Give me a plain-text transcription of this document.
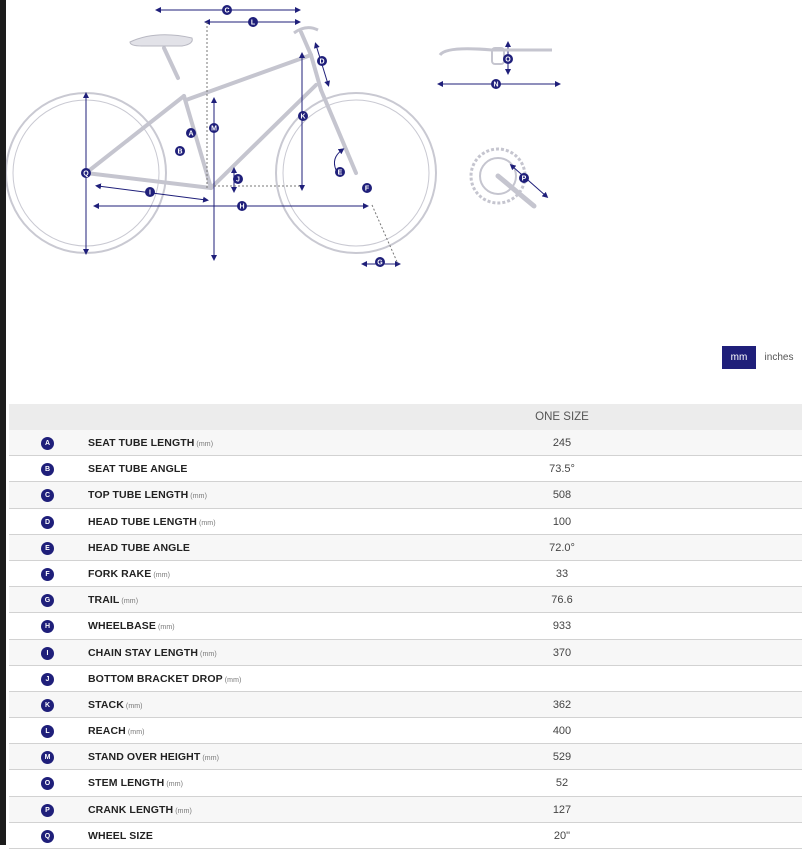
A
B
C
D
E
F
G
H
I
J
K
L
M
N
O
P
Q
mm	inches
ONE SIZE
A	SEAT TUBE LENGTH (mm)	245
B	SEAT TUBE ANGLE	73.5°
C	TOP TUBE LENGTH (mm)	508
D	HEAD TUBE LENGTH (mm)	100
E	HEAD TUBE ANGLE	72.0°
F	FORK RAKE (mm)	33
G	TRAIL (mm)	76.6
H	WHEELBASE (mm)	933
I	CHAIN STAY LENGTH (mm)	370
J	BOTTOM BRACKET DROP (mm)
K	STACK (mm)	362
L	REACH (mm)	400
M	STAND OVER HEIGHT (mm)	529
O	STEM LENGTH (mm)	52
P	CRANK LENGTH (mm)	127
Q	WHEEL SIZE	20"
